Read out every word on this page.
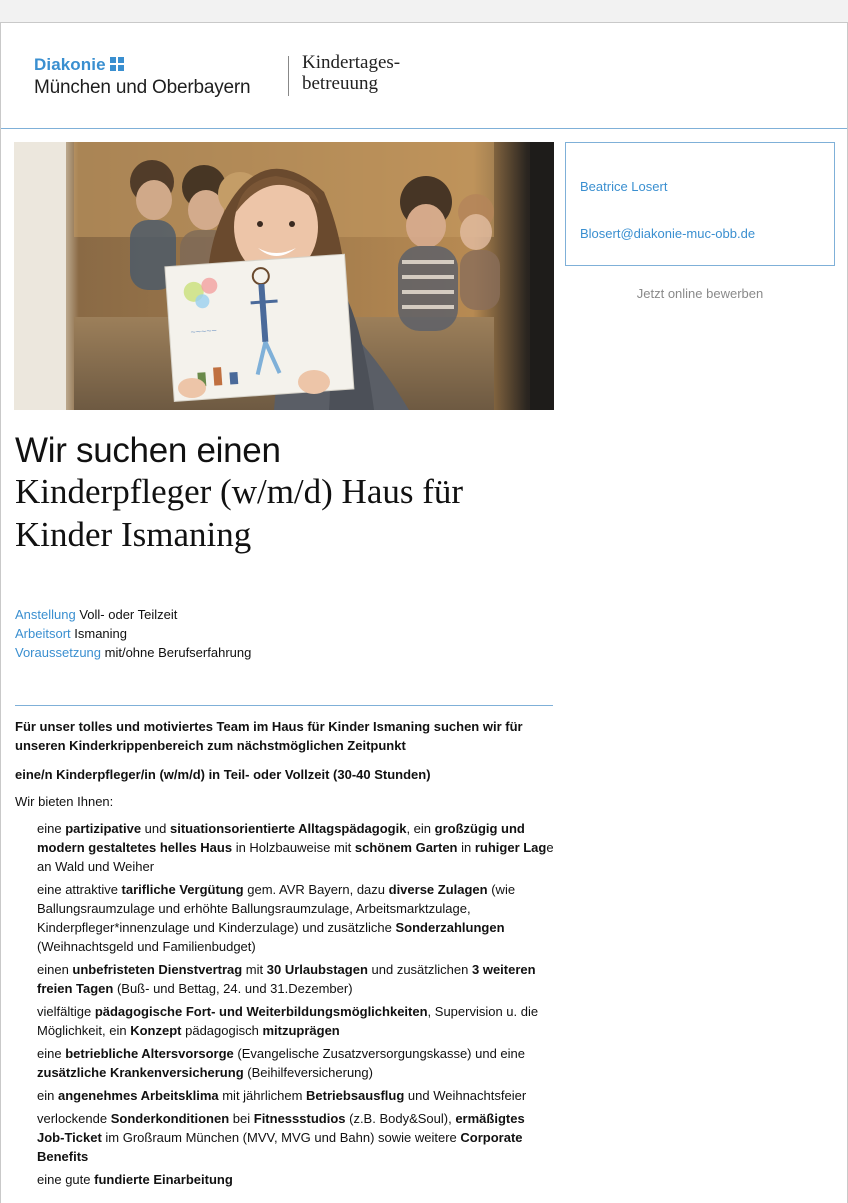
Diakonie
München und Oberbayern
Kindertages-
betreuung
~~~~~
Beatrice Losert
Blosert@diakonie-muc-obb.de
Jetzt online bewerben
Wir suchen einen
Kinderpfleger (w/m/d) Haus für
Kinder Ismaning
Anstellung Voll- oder Teilzeit
Arbeitsort Ismaning
Voraussetzung mit/ohne Berufserfahrung

Für unser tolles und motiviertes Team im Haus für Kinder Ismaning suchen wir für
unseren Kinderkrippenbereich zum nächstmöglichen Zeitpunkt

eine/n Kinderpfleger/in (w/m/d) in Teil- oder Vollzeit (30-40 Stunden)

Wir bieten Ihnen:

eine partizipative und situationsorientierte Alltagspädagogik, ein großzügig und modern gestaltetes helles Haus in Holzbauweise mit schönem Garten in ruhiger Lage an Wald und Weiher
eine attraktive tarifliche Vergütung gem. AVR Bayern, dazu diverse Zulagen (wie Ballungsraumzulage und erhöhte Ballungsraumzulage, Arbeitsmarktzulage, Kinderpfleger*innenzulage und Kinderzulage) und zusätzliche Sonderzahlungen (Weihnachtsgeld und Familienbudget)
einen unbefristeten Dienstvertrag mit 30 Urlaubstagen und zusätzlichen 3 weiteren freien Tagen (Buß- und Bettag, 24. und 31.Dezember)
vielfältige pädagogische Fort- und Weiterbildungsmöglichkeiten, Supervision u. die Möglichkeit, ein Konzept pädagogisch mitzuprägen
eine betriebliche Altersvorsorge (Evangelische Zusatzversorgungskasse) und eine zusätzliche Krankenversicherung (Beihilfeversicherung)
ein angenehmes Arbeitsklima mit jährlichem Betriebsausflug und Weihnachtsfeier
verlockende Sonderkonditionen bei Fitnessstudios (z.B. Body&Soul), ermäßigtes Job-Ticket im Großraum München (MVV, MVG und Bahn) sowie weitere Corporate Benefits
eine gute fundierte Einarbeitung
